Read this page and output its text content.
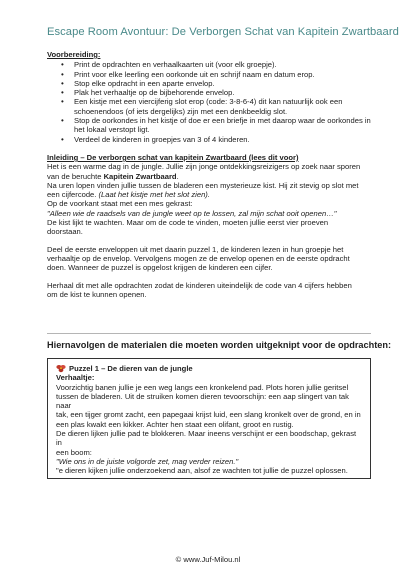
Escape Room Avontuur: De Verborgen Schat van Kapitein Zwartbaard
Voorbereiding:
• Print de opdrachten en verhaalkaarten uit (voor elk groepje).
• Print voor elke leerling een oorkonde uit en schrijf naam en datum erop.
• Stop elke opdracht in een aparte envelop.
• Plak het verhaaltje op de bijbehorende envelop.
• Een kistje met een viercijferig slot erop (code: 3-8-6-4) dit kan natuurlijk ook een schoenendoos (of iets dergelijks) zijn met een denkbeeldig slot.
• Stop de oorkondes in het kistje of doe er een briefje in met daarop waar de oorkondes in het lokaal verstopt ligt.
• Verdeel de kinderen in groepjes van 3 of 4 kinderen.
Inleiding – De verborgen schat van kapitein Zwartbaard (lees dit voor)

Het is een warme dag in de jungle. Jullie zijn jonge ontdekkingsreizigers op zoek naar sporen

van de beruchte Kapitein Zwartbaard.

Na uren lopen vinden jullie tussen de bladeren een mysterieuze kist. Hij zit stevig op slot met

een cijfercode. (Laat het kistje met het slot zien).

Op de voorkant staat met een mes gekrast:

"Alleen wie de raadsels van de jungle weet op te lossen, zal mijn schat ooit openen…"

De kist lijkt te wachten. Maar om de code te vinden, moeten jullie eerst vier proeven

doorstaan.

Deel de eerste enveloppen uit met daarin puzzel 1, de kinderen lezen in hun groepje het

verhaaltje op de envelop. Vervolgens mogen ze de envelop openen en de eerste opdracht

doen. Wanneer de puzzel is opgelost krijgen de kinderen een cijfer.

Herhaal dit met alle opdrachten zodat de kinderen uiteindelijk de code van 4 cijfers hebben

om de kist te kunnen openen.

Hiernavolgen de materialen die moeten worden uitgeknipt voor de opdrachten:
Puzzel 1 – De dieren van de jungle
Verhaaltje:

Voorzichtig banen jullie je een weg langs een kronkelend pad. Plots horen jullie geritsel

tussen de bladeren. Uit de struiken komen dieren tevoorschijn: een aap slingert van tak naar

tak, een tijger gromt zacht, een papegaai krijst luid, een slang kronkelt over de grond, en in

een plas kwakt een kikker. Achter hen staat een olifant, groot en rustig.

De dieren lijken jullie pad te blokkeren. Maar ineens verschijnt er een boodschap, gekrast in

een boom:

"Wie ons in de juiste volgorde zet, mag verder reizen."

"e dieren kijken jullie onderzoekend aan, alsof ze wachten tot jullie de puzzel oplossen.

© www.Juf-Milou.nl
